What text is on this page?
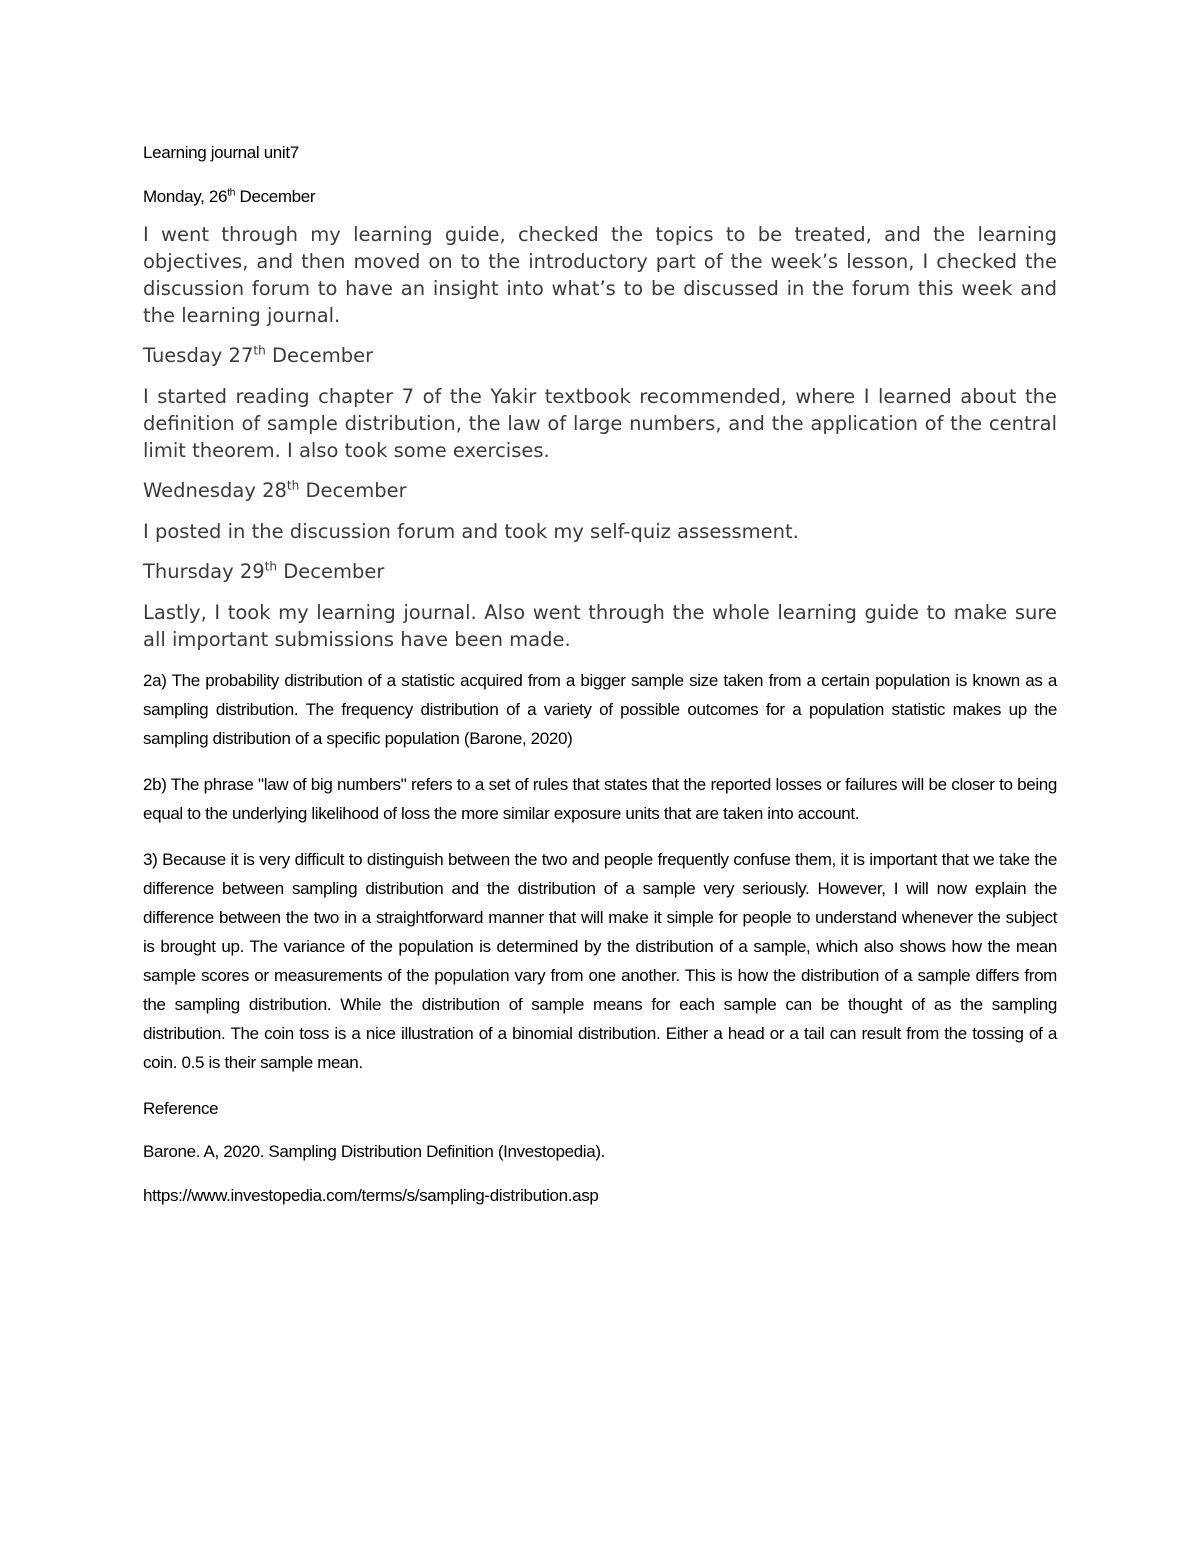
Learning journal unit7

Monday, 26th December

I went through my learning guide, checked the topics to be treated, and the learning objectives, and then moved on to the introductory part of the week’s lesson, I checked the discussion forum to have an insight into what’s to be discussed in the forum this week and the learning journal.

Tuesday 27th December

I started reading chapter 7 of the Yakir textbook recommended, where I learned about the definition of sample distribution, the law of large numbers, and the application of the central limit theorem. I also took some exercises.

Wednesday 28th December

I posted in the discussion forum and took my self-quiz assessment.

Thursday 29th December

Lastly, I took my learning journal. Also went through the whole learning guide to make sure all important submissions have been made.

2a) The probability distribution of a statistic acquired from a bigger sample size taken from a certain population is known as a sampling distribution. The frequency distribution of a variety of possible outcomes for a population statistic makes up the sampling distribution of a specific population (Barone, 2020)

2b) The phrase "law of big numbers" refers to a set of rules that states that the reported losses or failures will be closer to being equal to the underlying likelihood of loss the more similar exposure units that are taken into account.

3) Because it is very difficult to distinguish between the two and people frequently confuse them, it is important that we take the difference between sampling distribution and the distribution of a sample very seriously. However, I will now explain the difference between the two in a straightforward manner that will make it simple for people to understand whenever the subject is brought up. The variance of the population is determined by the distribution of a sample, which also shows how the mean sample scores or measurements of the population vary from one another. This is how the distribution of a sample differs from the sampling distribution. While the distribution of sample means for each sample can be thought of as the sampling distribution. The coin toss is a nice illustration of a binomial distribution. Either a head or a tail can result from the tossing of a coin. 0.5 is their sample mean.

Reference

Barone. A, 2020. Sampling Distribution Definition (Investopedia).

https://www.investopedia.com/terms/s/sampling-distribution.asp
